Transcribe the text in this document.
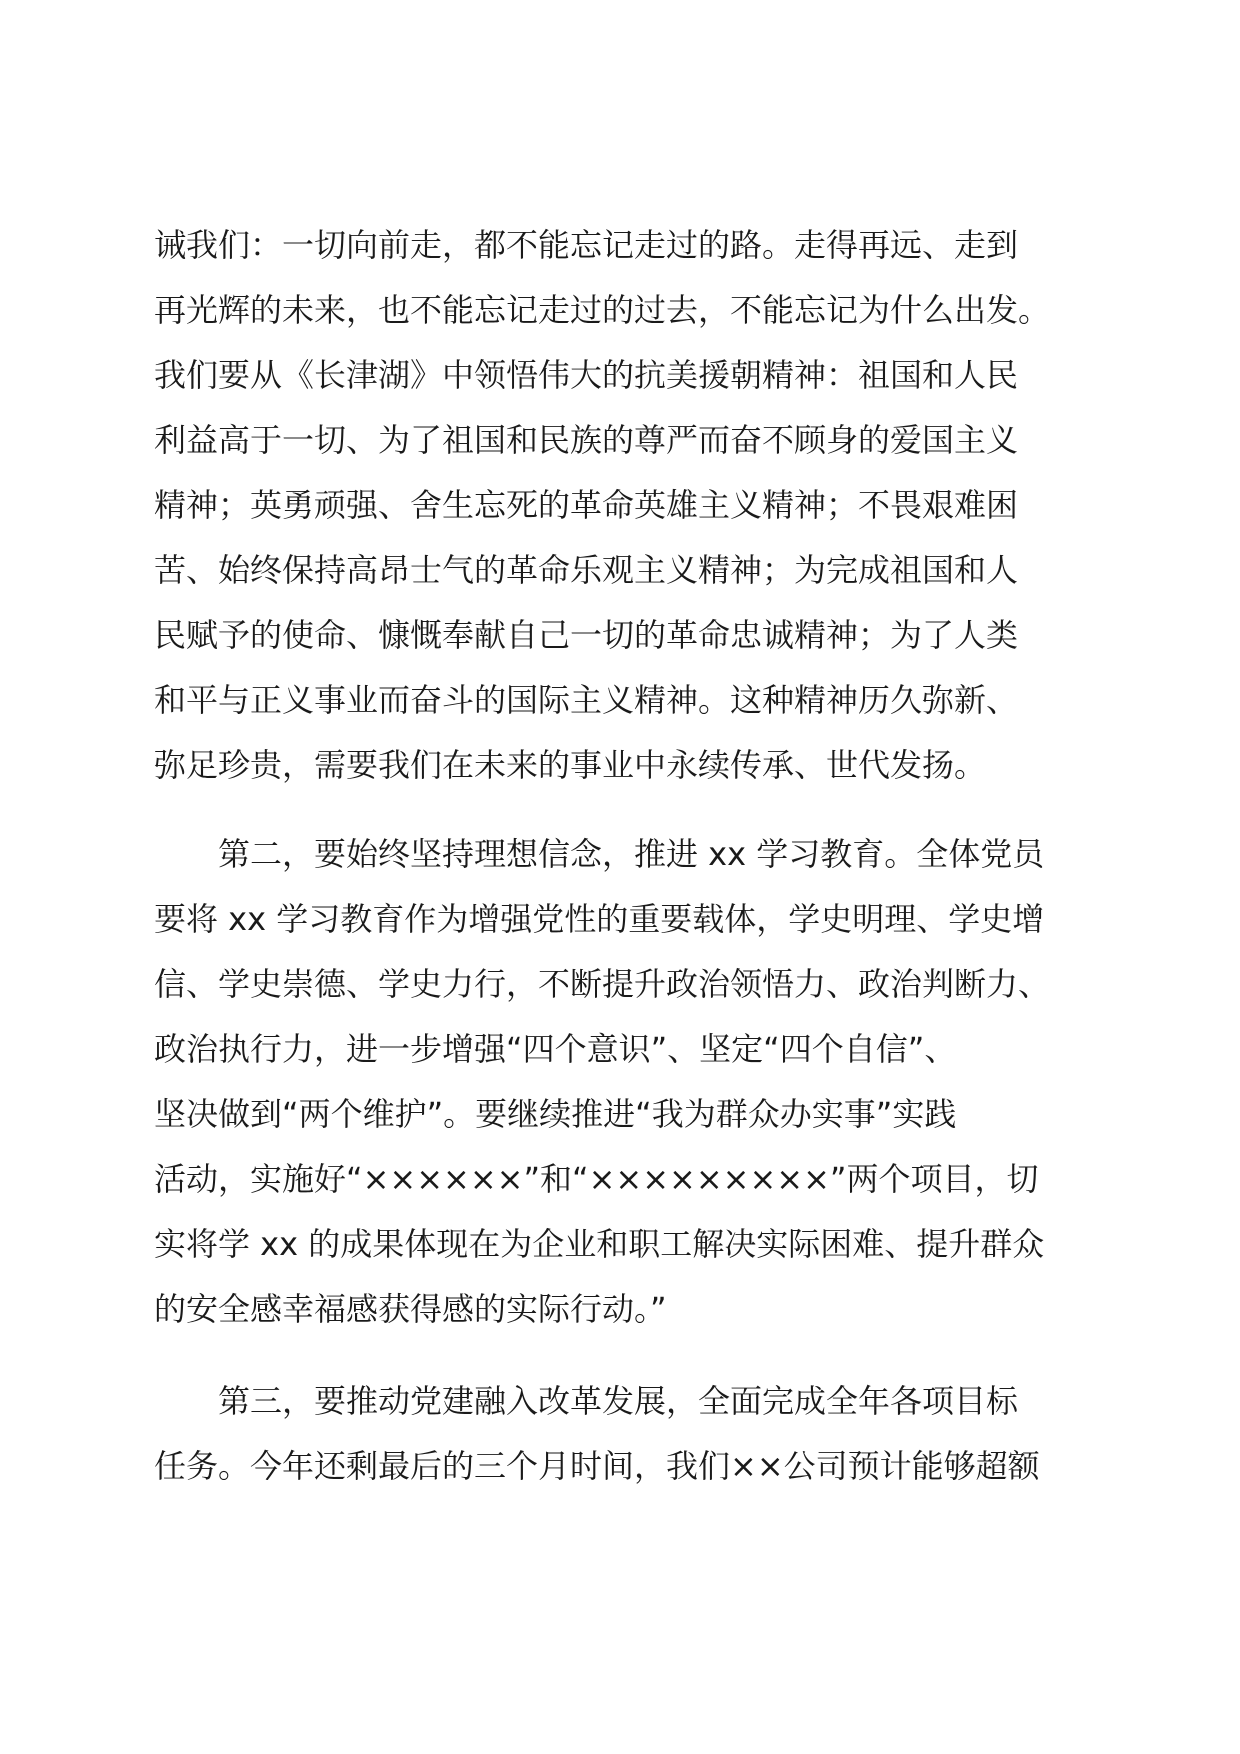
诫我们：一切向前走，都不能忘记走过的路。走得再远、走到
再光辉的未来，也不能忘记走过的过去，不能忘记为什么出发。
我们要从《长津湖》中领悟伟大的抗美援朝精神：祖国和人民
利益高于一切、为了祖国和民族的尊严而奋不顾身的爱国主义
精神；英勇顽强、舍生忘死的革命英雄主义精神；不畏艰难困
苦、始终保持高昂士气的革命乐观主义精神；为完成祖国和人
民赋予的使命、慷慨奉献自己一切的革命忠诚精神；为了人类
和平与正义事业而奋斗的国际主义精神。这种精神历久弥新、
弥足珍贵，需要我们在未来的事业中永续传承、世代发扬。
　　第二，要始终坚持理想信念，推进 xx 学习教育。全体党员
要将 xx 学习教育作为增强党性的重要载体，学史明理、学史增
信、学史崇德、学史力行，不断提升政治领悟力、政治判断力、
政治执行力，进一步增强“四个意识”、坚定“四个自信”、
坚决做到“两个维护”。要继续推进“我为群众办实事”实践
活动，实施好“××××××”和“×××××××××”两个项目，切
实将学 xx 的成果体现在为企业和职工解决实际困难、提升群众
的安全感幸福感获得感的实际行动。”
　　第三，要推动党建融入改革发展，全面完成全年各项目标
任务。今年还剩最后的三个月时间，我们××公司预计能够超额
